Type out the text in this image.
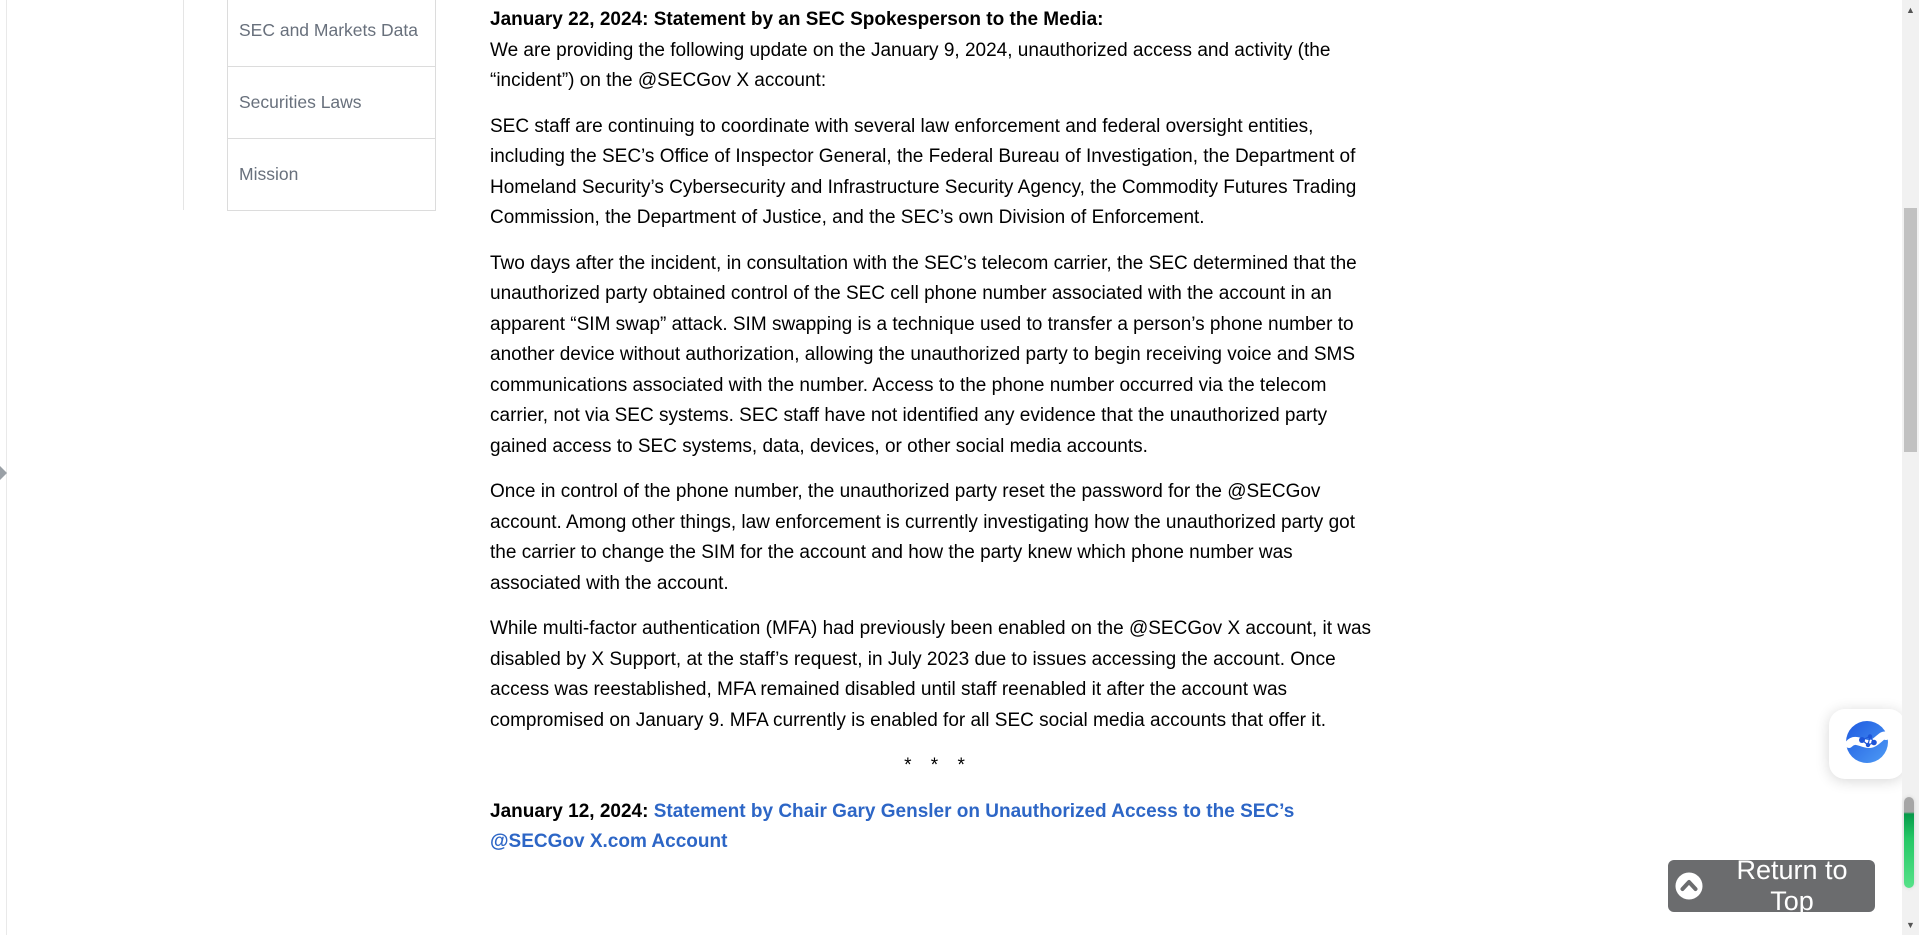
SEC and Markets Data
Securities Laws
Mission

January 22, 2024: Statement by an SEC Spokesperson to the Media:
We are providing the following update on the January 9, 2024, unauthorized access and activity (the “incident”) on the @SECGov X account:

SEC staff are continuing to coordinate with several law enforcement and federal oversight entities, including the SEC’s Office of Inspector General, the Federal Bureau of Investigation, the Department of Homeland Security’s Cybersecurity and Infrastructure Security Agency, the Commodity Futures Trading Commission, the Department of Justice, and the SEC’s own Division of Enforcement.

Two days after the incident, in consultation with the SEC’s telecom carrier, the SEC determined that the unauthorized party obtained control of the SEC cell phone number associated with the account in an apparent “SIM swap” attack. SIM swapping is a technique used to transfer a person’s phone number to another device without authorization, allowing the unauthorized party to begin receiving voice and SMS communications associated with the number. Access to the phone number occurred via the telecom carrier, not via SEC systems. SEC staff have not identified any evidence that the unauthorized party gained access to SEC systems, data, devices, or other social media accounts.

Once in control of the phone number, the unauthorized party reset the password for the @SECGov account. Among other things, law enforcement is currently investigating how the unauthorized party got the carrier to change the SIM for the account and how the party knew which phone number was associated with the account.

While multi-factor authentication (MFA) had previously been enabled on the @SECGov X account, it was disabled by X Support, at the staff’s request, in July 2023 due to issues accessing the account. Once access was reestablished, MFA remained disabled until staff reenabled it after the account was compromised on January 9. MFA currently is enabled for all SEC social media accounts that offer it.

* * *

January 12, 2024: Statement by Chair Gary Gensler on Unauthorized Access to the SEC’s @SECGov X.com Account

Return to Top
▲
▼
